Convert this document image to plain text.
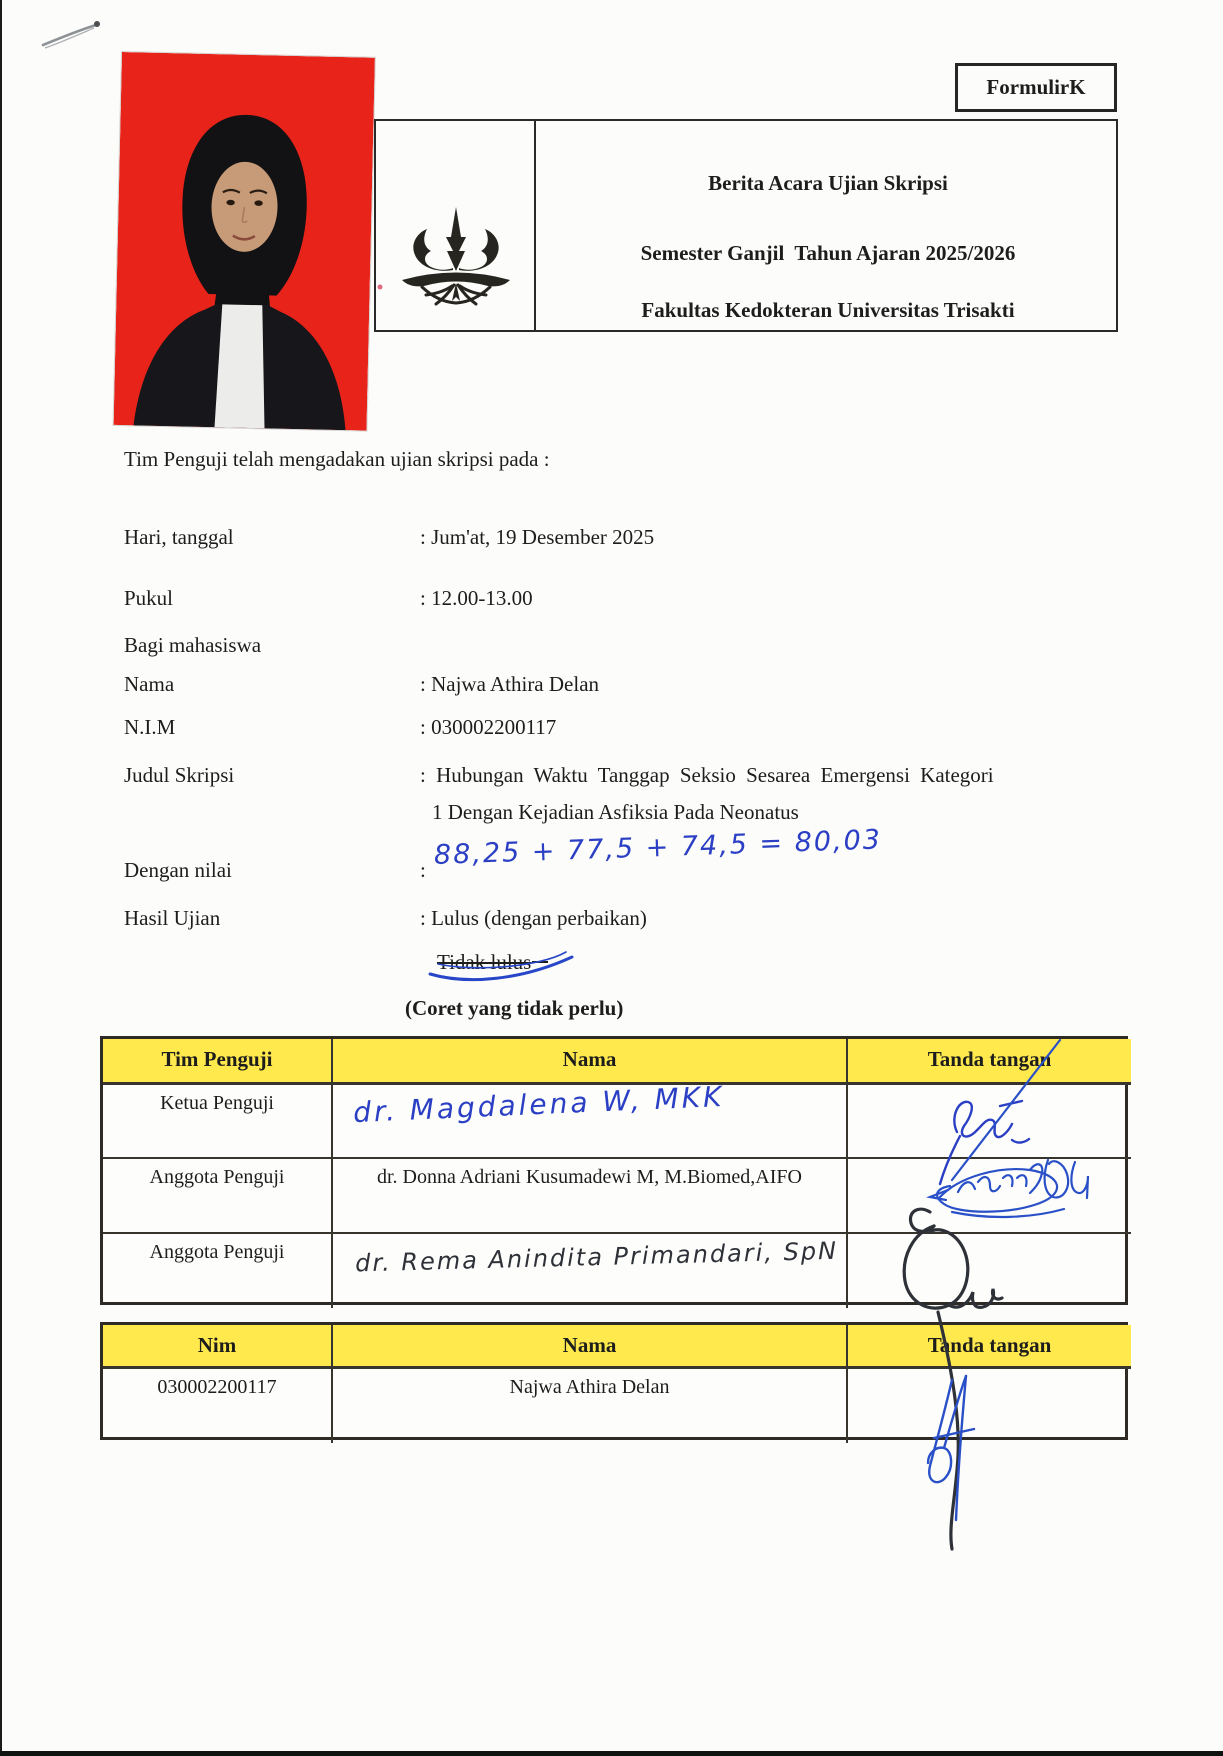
FormulirK
Berita Acara Ujian Skripsi
Semester Ganjil  Tahun Ajaran 2025/2026
Fakultas Kedokteran Universitas Trisakti
Tim Penguji telah mengadakan ujian skripsi pada :
Hari, tanggal	: Jum'at, 19 Desember 2025
Pukul	: 12.00-13.00
Bagi mahasiswa
Nama	: Najwa Athira Delan
N.I.M	: 030002200117
Judul Skripsi	: Hubungan Waktu Tanggap Seksio Sesarea Emergensi Kategori
1 Dengan Kejadian Asfiksia Pada Neonatus
Dengan nilai	: 88,25 + 77,5 + 74,5 = 80,03
Hasil Ujian	: Lulus (dengan perbaikan)
Tidak lulus
(Coret yang tidak perlu)
Tim Penguji	Nama	Tanda tangan
Ketua Penguji	dr. Magdalena W, MKK
Anggota Penguji	dr. Donna Adriani Kusumadewi M, M.Biomed,AIFO
Anggota Penguji	dr. Rema Anindita Primandari, SpN
Nim	Nama	Tanda tangan
030002200117	Najwa Athira Delan
